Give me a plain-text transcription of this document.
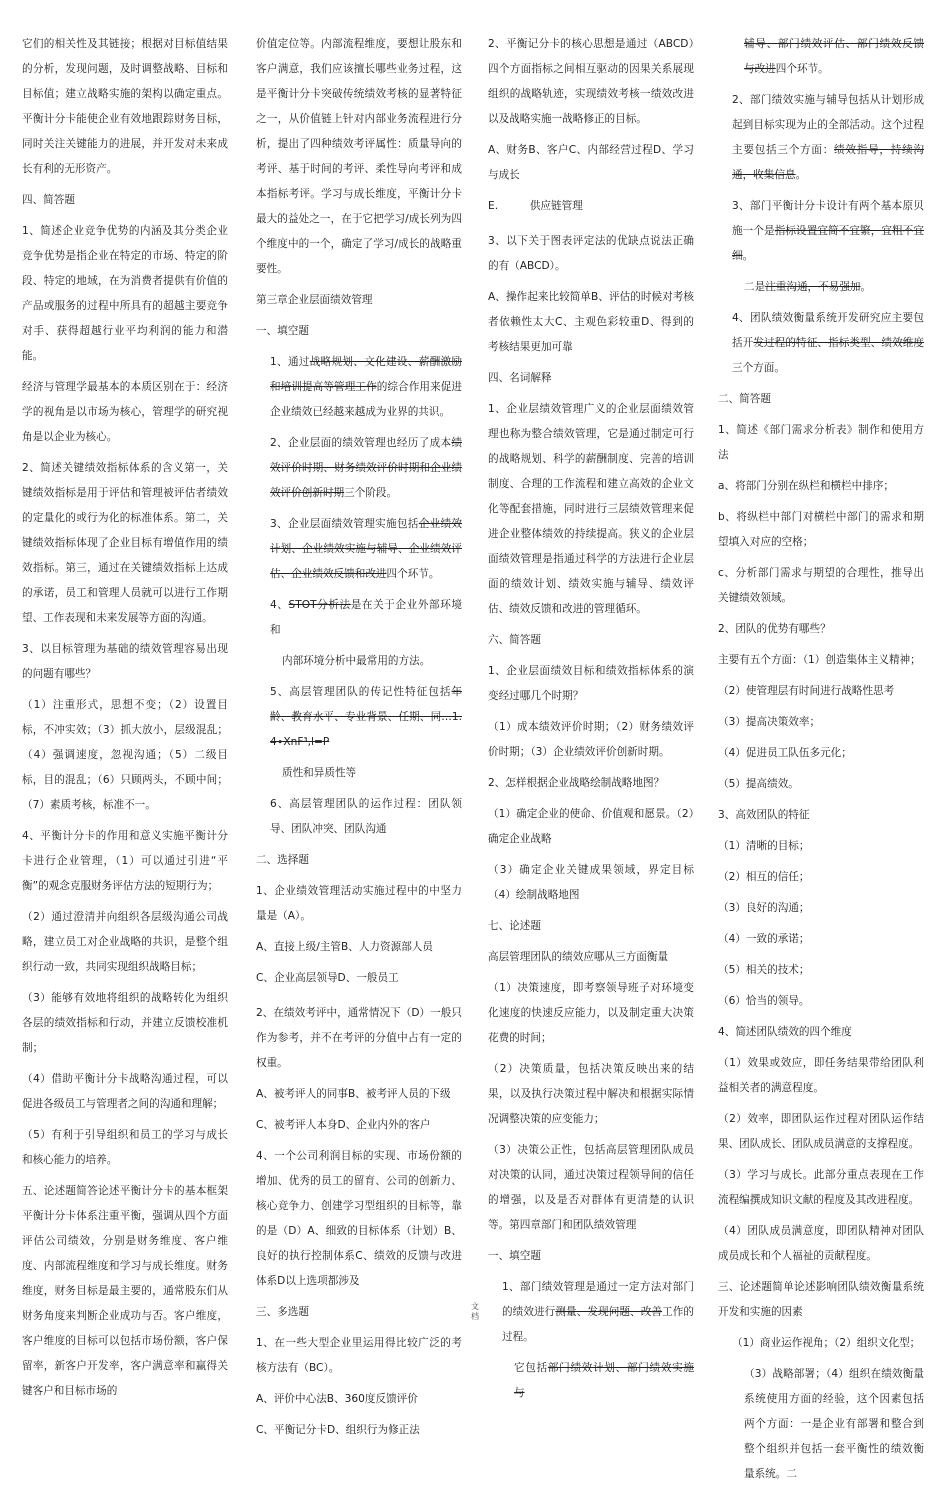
它们的相关性及其链接；根据对目标值结果的分析，发现问题，及时调整战略、目标和目标值；建立战略实施的架构以确定重点。平衡计分卡能使企业有效地跟踪财务目标，同时关注关键能力的进展，并开发对未来成长有利的无形资产。

四、简答题

1、简述企业竞争优势的内涵及其分类企业竞争优势是指企业在特定的市场、特定的阶段、特定的地域，在为消费者提供有价值的产品或服务的过程中所具有的超越主要竞争对手、获得超越行业平均利润的能力和潜能。

经济与管理学最基本的本质区别在于：经济学的视角是以市场为核心，管理学的研究视角是以企业为核心。

2、简述关键绩效指标体系的含义第一，关键绩效指标是用于评估和管理被评估者绩效的定量化的或行为化的标准体系。第二，关键绩效指标体现了企业目标有增值作用的绩效指标。第三，通过在关键绩效指标上达成的承诺，员工和管理人员就可以进行工作期望、工作表现和未来发展等方面的沟通。

3、以目标管理为基础的绩效管理容易出现的问题有哪些？

（1）注重形式，思想不变；（2）设置目标，不冲实效；（3）抓大放小，层级混乱；（4）强调速度，忽视沟通；（5）二级目标，目的混乱；（6）只顾两头，不顾中间；（7）素质考核，标准不一。

4、平衡计分卡的作用和意义实施平衡计分卡进行企业管理，（1）可以通过引进“平衡”的观念克服财务评估方法的短期行为；

（2）通过澄清并向组织各层级沟通公司战略，建立员工对企业战略的共识，是整个组织行动一致，共同实现组织战略目标；

（3）能够有效地将组织的战略转化为组织各层的绩效指标和行动，并建立反馈校准机制；

（4）借助平衡计分卡战略沟通过程，可以促进各级员工与管理者之间的沟通和理解；

（5）有利于引导组织和员工的学习与成长和核心能力的培养。

五、论述题简答论述平衡计分卡的基本框架平衡计分卡体系注重平衡，强调从四个方面评估公司绩效，分别是财务维度、客户维度、内部流程维度和学习与成长维度。财务维度，财务目标是最主要的，通常股东们从财务角度来判断企业成功与否。客户维度，客户维度的目标可以包括市场份额，客户保留率，新客户开发率，客户满意率和赢得关键客户和目标市场的

价值定位等。内部流程维度，要想让股东和客户满意，我们应该擅长哪些业务过程，这是平衡计分卡突破传统绩效考核的显著特征之一，从价值链上针对内部业务流程进行分析，提出了四种绩效考评属性：质量导向的考评、基于时间的考评、柔性导向考评和成本指标考评。学习与成长维度，平衡计分卡最大的益处之一，在于它把学习/成长列为四个维度中的一个，确定了学习/成长的战略重要性。

第三章企业层面绩效管理

一、填空题

1、通过战略规划、文化建设、薪酬激励和培训提高等管理工作的综合作用来促进企业绩效已经越来越成为业界的共识。

2、企业层面的绩效管理也经历了成本绩效评价时期、财务绩效评价时期和企业绩效评价创新时期三个阶段。

3、企业层面绩效管理实施包括企业绩效计划、企业绩效实施与辅导、企业绩效评估、企业绩效反馈和改进四个环节。

4、STOT分析法是在关于企业外部环境和

内部环境分析中最常用的方法。

5、高层管理团队的传记性特征包括年龄、教育水平、专业背景、任期、同…1.4∙XnF³,l=P

质性和异质性等

6、高层管理团队的运作过程：团队领导、团队冲突、团队沟通

二、选择题

1、企业绩效管理活动实施过程中的中坚力量是（A）。

A、直接上级/主管B、人力资源部人员

C、企业高层领导D、一般员工

2、在绩效考评中，通常情况下（D）一般只作为参考，并不在考评的分值中占有一定的权重。

A、被考评人的同事B、被考评人员的下级

C、被考评人本身D、企业内外的客户

4、一个公司利润目标的实现、市场份额的增加、优秀的员工的留育、公司的创新力、核心竞争力、创建学习型组织的目标等，靠的是（D）A、细致的目标体系（计划）B、良好的执行控制体系C、绩效的反馈与改进体系D以上选项都涉及

三、多选题

1、在一些大型企业里运用得比较广泛的考核方法有（BC）。

A、评价中心法B、360度反馈评价

C、平衡记分卡D、组织行为修正法

2、平衡记分卡的核心思想是通过（ABCD）四个方面指标之间相互驱动的因果关系展现组织的战略轨迹，实现绩效考核一绩效改进以及战略实施一战略修正的目标。

A、财务B、客户C、内部经营过程D、学习与成长

E.　　　供应链管理

3、以下关于图表评定法的优缺点说法正确的有（ABCD）。

A、操作起来比较简单B、评估的时候对考核者依赖性太大C、主观色彩较重D、得到的考核结果更加可靠

四、名词解释

1、企业层绩效管理广义的企业层面绩效管理也称为整合绩效管理，它是通过制定可行的战略规划、科学的薪酬制度、完善的培训制度、合理的工作流程和建立高效的企业文化等配套措施，同时进行三层绩效管理来促进企业整体绩效的持续提高。狭义的企业层面绩效管理是指通过科学的方法进行企业层面的绩效计划、绩效实施与辅导、绩效评估、绩效反馈和改进的管理循环。

六、简答题

1、企业层面绩效目标和绩效指标体系的演变经过哪几个时期？

（1）成本绩效评价时期；（2）财务绩效评价时期；（3）企业绩效评价创新时期。

2、怎样根据企业战略绘制战略地图？

（1）确定企业的使命、价值观和愿景。（2）确定企业战略

（3）确定企业关键成果领域，界定目标（4）绘制战略地图

七、论述题

高层管理团队的绩效应哪从三方面衡量

（1）决策速度，即考察领导班子对环境变化速度的快速反应能力，以及制定重大决策花费的时间；

（2）决策质量，包括决策反映出来的结果，以及执行决策过程中解决和根据实际情况调整决策的应变能力；

（3）决策公正性，包括高层管理团队成员对决策的认同，通过决策过程领导间的信任的增强，以及是否对群体有更清楚的认识等。第四章部门和团队绩效管理

一、填空题

1、部门绩效管理是通过一定方法对部门的绩效进行测量、发现问题、改善工作的过程。

它包括部门绩效计划、部门绩效实施与

辅导、部门绩效评估、部门绩效反馈与改进四个环节。

2、部门绩效实施与辅导包括从计划形成起到目标实现为止的全部活动。这个过程主要包括三个方面：绩效指导，持续沟通，收集信息。

3、部门平衡计分卡设计有两个基本原贝施一个是指标设置宜简不宜繁，宜粗不宜细。

二是注重沟通，不易强加。

4、团队绩效衡量系统开发研究应主要包括开发过程的特征、指标类型、绩效维度三个方面。

二、简答题

1、简述《部门需求分析表》制作和使用方法

a、将部门分别在纵栏和横栏中排序；

b、将纵栏中部门对横栏中部门的需求和期望填入对应的空格；

c、分析部门需求与期望的合理性，推导出关键绩效领域。

2、团队的优势有哪些？

主要有五个方面：（1）创造集体主义精神；

（2）使管理层有时间进行战略性思考

（3）提高决策效率；

（4）促进员工队伍多元化；

（5）提高绩效。

3、高效团队的特征

（1）清晰的目标；

（2）相互的信任；

（3）良好的沟通；

（4）一致的承诺；

（5）相关的技术；

（6）恰当的领导。

4、简述团队绩效的四个维度

（1）效果或效应，即任务结果带给团队利益相关者的满意程度。

（2）效率，即团队运作过程对团队运作结果、团队成长、团队成员满意的支撑程度。

（3）学习与成长。此部分重点表现在工作流程编撰成知识文献的程度及其改进程度。

（4）团队成员满意度，即团队精神对团队成员成长和个人福祉的贡献程度。

三、论述题简单论述影响团队绩效衡量系统开发和实施的因素

（1）商业运作视角；（2）组织文化型；

（3）战略部署；（4）组织在绩效衡量系统使用方面的经验，这个因素包括两个方面：一是企业有部署和整合到整个组织并包括一套平衡性的绩效衡量系统。二

文
档
